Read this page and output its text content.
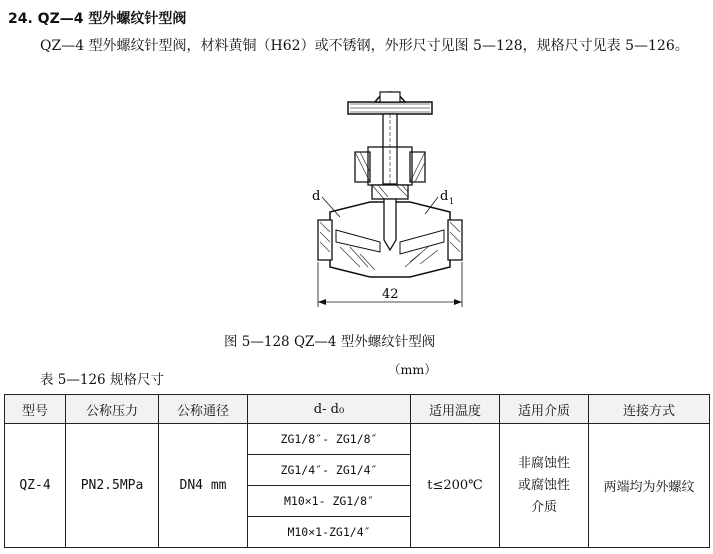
24. QZ—4 型外螺纹针型阀
QZ—4 型外螺纹针型阀，材料黄铜（H62）或不锈钢，外形尺寸见图 5—128，规格尺寸见表 5—126。
d	d 1
42
图 5—128 QZ—4 型外螺纹针型阀
（mm）
表 5—126 规格尺寸
型号	公称压力	公称通径	d- d₀	适用温度	适用介质	连接方式
QZ-4	PN2.5MPa	DN4 mm	ZG1/8″- ZG1/8″	t≤200℃	非腐蚀性
或腐蚀性
介质	两端均为外螺纹
			ZG1/4″- ZG1/4″			
			M10×1- ZG1/8″			
			M10×1-ZG1/4″			
